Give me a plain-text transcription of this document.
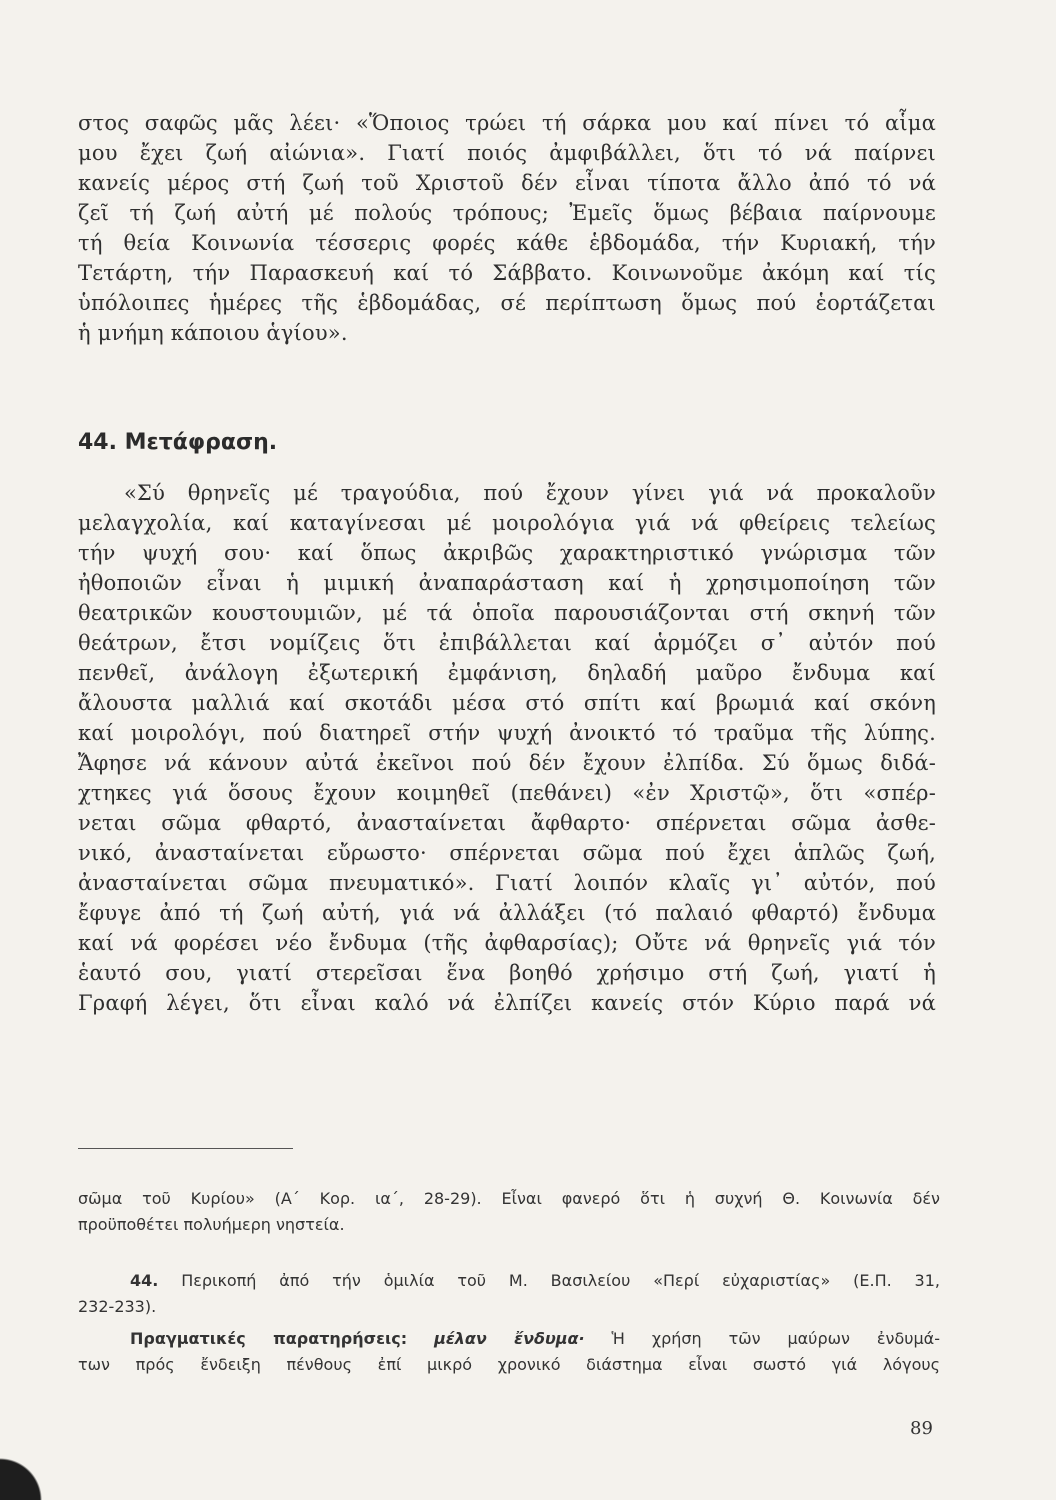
στος σαφῶς μᾶς λέει· «Ὅποιος τρώει τή σάρκα μου καί πίνει τό αἷμα
μου ἔχει ζωή αἰώνια». Γιατί ποιός ἀμφιβάλλει, ὅτι τό νά παίρνει
κανείς μέρος στή ζωή τοῦ Χριστοῦ δέν εἶναι τίποτα ἄλλο ἀπό τό νά
ζεῖ τή ζωή αὐτή μέ πολούς τρόπους; Ἐμεῖς ὅμως βέβαια παίρνουμε
τή θεία Κοινωνία τέσσερις φορές κάθε ἑβδομάδα, τήν Κυριακή, τήν
Τετάρτη, τήν Παρασκευή καί τό Σάββατο. Κοινωνοῦμε ἀκόμη καί τίς
ὑπόλοιπες ἡμέρες τῆς ἑβδομάδας, σέ περίπτωση ὅμως πού ἑορτάζεται
ἡ μνήμη κάποιου ἁγίου».
44. Μετάφραση.
«Σύ θρηνεῖς μέ τραγούδια, πού ἔχουν γίνει γιά νά προκαλοῦν
μελαγχολία, καί καταγίνεσαι μέ μοιρολόγια γιά νά φθείρεις τελείως
τήν ψυχή σου· καί ὅπως ἀκριβῶς χαρακτηριστικό γνώρισμα τῶν
ἠθοποιῶν εἶναι ἡ μιμική ἀναπαράσταση καί ἡ χρησιμοποίηση τῶν
θεατρικῶν κουστουμιῶν, μέ τά ὁποῖα παρουσιάζονται στή σκηνή τῶν
θεάτρων, ἔτσι νομίζεις ὅτι ἐπιβάλλεται καί ἁρμόζει σ᾽ αὐτόν πού
πενθεῖ, ἀνάλογη ἐξωτερική ἐμφάνιση, δηλαδή μαῦρο ἔνδυμα καί
ἄλουστα μαλλιά καί σκοτάδι μέσα στό σπίτι καί βρωμιά καί σκόνη
καί μοιρολόγι, πού διατηρεῖ στήν ψυχή ἀνοικτό τό τραῦμα τῆς λύπης.
Ἄφησε νά κάνουν αὐτά ἐκεῖνοι πού δέν ἔχουν ἐλπίδα. Σύ ὅμως διδά-
χτηκες γιά ὅσους ἔχουν κοιμηθεῖ (πεθάνει) «ἐν Χριστῷ», ὅτι «σπέρ-
νεται σῶμα φθαρτό, ἀνασταίνεται ἄφθαρτο· σπέρνεται σῶμα ἀσθε-
νικό, ἀνασταίνεται εὔρωστο· σπέρνεται σῶμα πού ἔχει ἁπλῶς ζωή,
ἀνασταίνεται σῶμα πνευματικό». Γιατί λοιπόν κλαῖς γι᾽ αὐτόν, πού
ἔφυγε ἀπό τή ζωή αὐτή, γιά νά ἀλλάξει (τό παλαιό φθαρτό) ἔνδυμα
καί νά φορέσει νέο ἔνδυμα (τῆς ἀφθαρσίας); Οὔτε νά θρηνεῖς γιά τόν
ἑαυτό σου, γιατί στερεῖσαι ἕνα βοηθό χρήσιμο στή ζωή, γιατί ἡ
Γραφή λέγει, ὅτι εἶναι καλό νά ἐλπίζει κανείς στόν Κύριο παρά νά
σῶμα τοῦ Κυρίου» (Α΄ Κορ. ια΄, 28-29). Εἶναι φανερό ὅτι ἡ συχνή Θ. Κοινωνία δέν
προϋποθέτει πολυήμερη νηστεία.
44. Περικοπή ἀπό τήν ὁμιλία τοῦ Μ. Βασιλείου «Περί εὐχαριστίας» (Ε.Π. 31,
232-233).
Πραγματικές παρατηρήσεις: μέλαν ἔνδυμα· Ἡ χρήση τῶν μαύρων ἐνδυμά-
των πρός ἔνδειξη πένθους ἐπί μικρό χρονικό διάστημα εἶναι σωστό γιά λόγους
89
